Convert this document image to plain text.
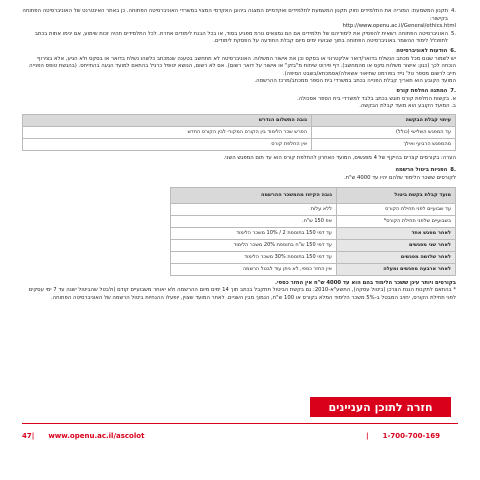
.4
תקנון המשמעת: המוריה את התלמידים וחוק תקנון המשמעת לתלמידים ואקדמיים המצגה ביהונן האקדמי המצוי במשרדי האוניברסיטה הפתוחה. כן באתר האינטרנט של האוניברסיטה הפתוחה בקישור:

http://www.openu.ac.il/General/ethics.html

.5
האוניברסיטה הפתוחה רשאית להפסיק את לימודיהם של תלמידים אם הם נמצאים נורמ מפגיע בסוד, או בכל הבנת לימודים אחרת. לכל התלמידים תהיה זכות שימוע, אם ינימו אתות בכתב לתפנלל לימוד ההשמר באוניברסיטה הפתוחה בתוך שבועיו ימים מיום קבלת החודעה על הפסקת לימודים.
.6
הודעות לאוניברסיטה

יש לשמור שגום מכל מכתב הנשלח בדואר/דואר אלקטרוני או בסקס וכן את אישור המשלוח. האוניברסיטה לא תתחשב בטענה שנמכתב כלשהו נשלח בדואר או בסקס ולא הגיע, אלא בצירוף הוכחה לכך (כגון: אישור משלוח סקס או מהמחשב). דף פירוט שיחות מ"בזק" או אישור על דואר רשום). אם לא רשום, הנושא יטופל כרגיל בהתאם למועד הגעה בהתייחס. (בהגשת טופס הפנייה חייב לרשום מספר טל' נייד בפורמט שתיאור אשאלה/אסמכתא/בשבט הסיפה).
המועד הקובע הוא תאריך קבלת הפנייה בכתב במשרדי בית הספר ממכתב/מרכז ההרשמה.

.7
המתנה החלפת קורס

א. בקשות החלפת קורס תוגש בכתב בלבד למשרדי בית הספר אסכולה.

ב. המועד הקובע הוא מועד קבלת הבקשה.

עיתוי קבלת הבקשה	גובה התשלום הנדרש
עד המפגש השלישי (כולל)	הפרש שכר הלימוד בין הקורס המקורי לבין הקורס החדש
מהמפגש הרביעי ואילך	אין החלפת קורס

הערה: בקורסים קצרים בהיקף של 4 מפגשים, המועד האחרון להחלפת קורס הוא עד תום המפגש השני.

.8
הפניות ביטול הרשמה

לקורסים ששכר הלימוד שלהם יהיו עד 4000 ש"ח.

מועד קבלת בקשת ביטול	גובה הקיזוז מהמשכר ההרשמה
עד שבועיים לפני תחילת הקורס	ללא עלות
בשבועיים שלפני תחילת הקורס*	אפ 150 ש"ח.
לאחר מפגש אחד	עד דמי 150 בתוספת 2 / 10% משכר הלימוד
לאחר שני מפגשים	עד דמי 150 ש"ח בתוספת 20% משכר הלימוד
לאחר שלושה מפגשים	עד דמי 150 בתוספת 30% משכר הלימוד
לאחר ארבעה מפגשים ומעלה	אין החזר כספי, לא ניתן עוד לבטל הרשמה

בקורסים ויותר עיגן ששכר הלימוד בהם הוא עד 4000 ש"ח אין החזר כספי.

* בהתאם לתקנות הגנת הצרכן (ביטול עסקה), התשע"א-2010: גם בקשת הביטול תתקבל בכתב תוך 14 ימים מיום ההרשמה ולא יאוחר משבועיים קודם (ולבטל שהביטול ישנה עד 7 ימי עסקים לפני תחילת הקורס, יחויב המבטל ב-5% משכר הלימוד המלא בקורס או 100 ש"ח, הנמוך מבין השניים. לאחר המועד שצוין, יופעלו ההנחיות ביטול הרשמה של האוניברסיטה הפתוחה.

חזרה לתוכן העניינים
47| www.openu.ac.il/ascolot	| 1-700-700-169
